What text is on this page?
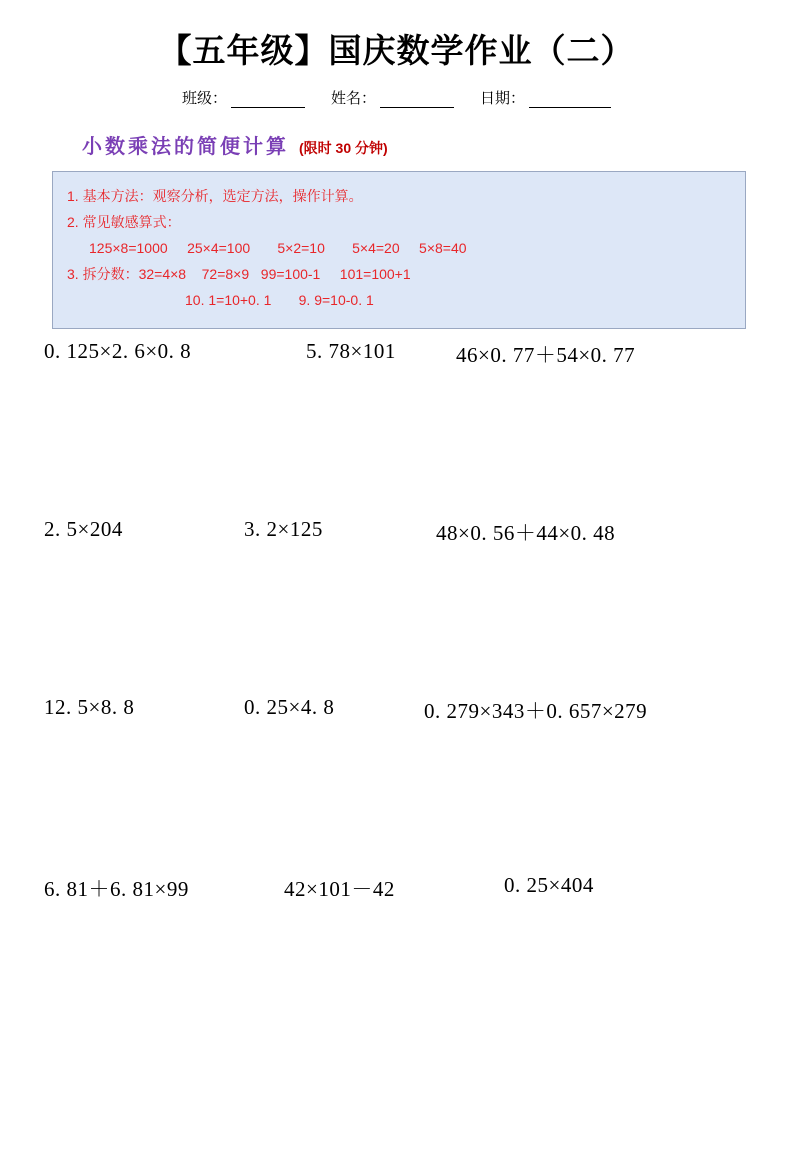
【五年级】国庆数学作业（二）
班级：	姓名：	日期：
小数乘法的简便计算 (限时 30 分钟)
1. 基本方法：观察分析，选定方法，操作计算。
2. 常见敏感算式：
125×8=1000     25×4=100       5×2=10       5×4=20     5×8=40
3. 拆分数：32=4×8    72=8×9   99=100-1     101=100+1
10. 1=10+0. 1       9. 9=10-0. 1
0. 125×2. 6×0. 8	5. 78×101	46×0. 77＋54×0. 77
2. 5×204	3. 2×125	48×0. 56＋44×0. 48
12. 5×8. 8	0. 25×4. 8	0. 279×343＋0. 657×279
6. 81＋6. 81×99	42×101－42	0. 25×404
